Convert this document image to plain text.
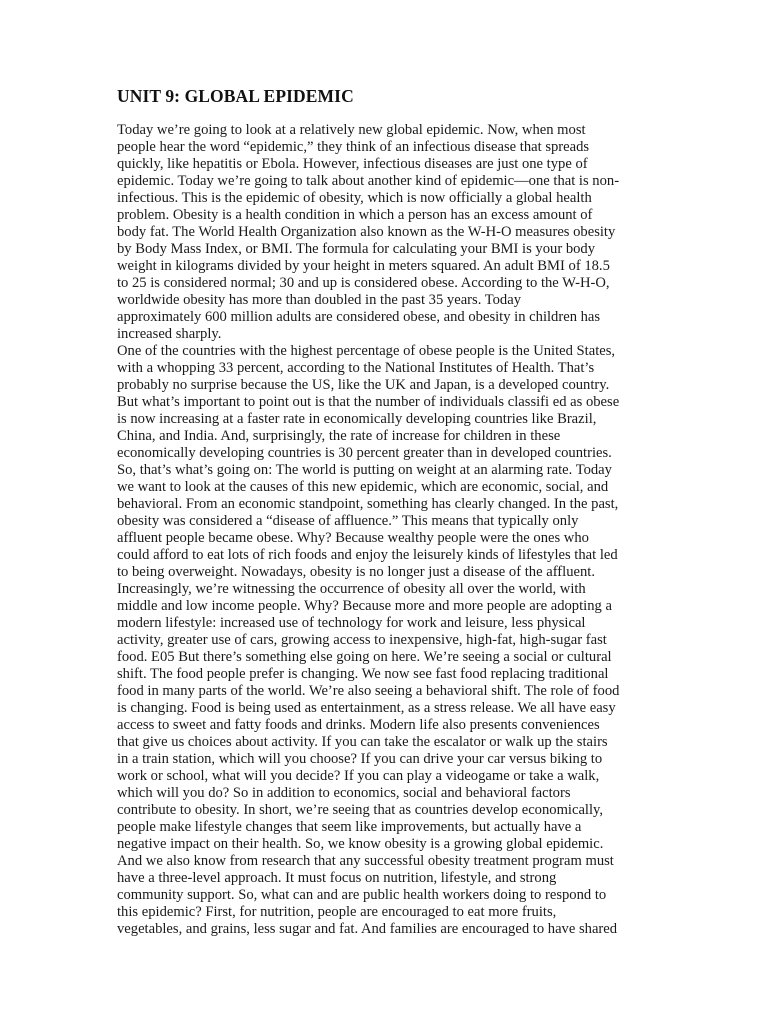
UNIT 9: GLOBAL EPIDEMIC
Today we’re going to look at a relatively new global epidemic. Now, when most
people hear the word “epidemic,” they think of an infectious disease that spreads
quickly, like hepatitis or Ebola. However, infectious diseases are just one type of
epidemic. Today we’re going to talk about another kind of epidemic—one that is non-
infectious. This is the epidemic of obesity, which is now officially a global health
problem. Obesity is a health condition in which a person has an excess amount of
body fat. The World Health Organization also known as the W-H-O measures obesity
by Body Mass Index, or BMI. The formula for calculating your BMI is your body
weight in kilograms divided by your height in meters squared. An adult BMI of 18.5
to 25 is considered normal; 30 and up is considered obese. According to the W-H-O,
worldwide obesity has more than doubled in the past 35 years. Today
approximately 600 million adults are considered obese, and obesity in children has
increased sharply.
One of the countries with the highest percentage of obese people is the United States,
with a whopping 33 percent, according to the National Institutes of Health. That’s
probably no surprise because the US, like the UK and Japan, is a developed country.
But what’s important to point out is that the number of individuals classifi ed as obese
is now increasing at a faster rate in economically developing countries like Brazil,
China, and India. And, surprisingly, the rate of increase for children in these
economically developing countries is 30 percent greater than in developed countries.
So, that’s what’s going on: The world is putting on weight at an alarming rate. Today
we want to look at the causes of this new epidemic, which are economic, social, and
behavioral. From an economic standpoint, something has clearly changed. In the past,
obesity was considered a “disease of affluence.” This means that typically only
affluent people became obese. Why? Because wealthy people were the ones who
could afford to eat lots of rich foods and enjoy the leisurely kinds of lifestyles that led
to being overweight. Nowadays, obesity is no longer just a disease of the affluent.
Increasingly, we’re witnessing the occurrence of obesity all over the world, with
middle and low income people. Why? Because more and more people are adopting a
modern lifestyle: increased use of technology for work and leisure, less physical
activity, greater use of cars, growing access to inexpensive, high-fat, high-sugar fast
food. E05 But there’s something else going on here. We’re seeing a social or cultural
shift. The food people prefer is changing. We now see fast food replacing traditional
food in many parts of the world. We’re also seeing a behavioral shift. The role of food
is changing. Food is being used as entertainment, as a stress release. We all have easy
access to sweet and fatty foods and drinks. Modern life also presents conveniences
that give us choices about activity. If you can take the escalator or walk up the stairs
in a train station, which will you choose? If you can drive your car versus biking to
work or school, what will you decide? If you can play a videogame or take a walk,
which will you do? So in addition to economics, social and behavioral factors
contribute to obesity. In short, we’re seeing that as countries develop economically,
people make lifestyle changes that seem like improvements, but actually have a
negative impact on their health. So, we know obesity is a growing global epidemic.
And we also know from research that any successful obesity treatment program must
have a three-level approach. It must focus on nutrition, lifestyle, and strong
community support. So, what can and are public health workers doing to respond to
this epidemic? First, for nutrition, people are encouraged to eat more fruits,
vegetables, and grains, less sugar and fat. And families are encouraged to have shared
